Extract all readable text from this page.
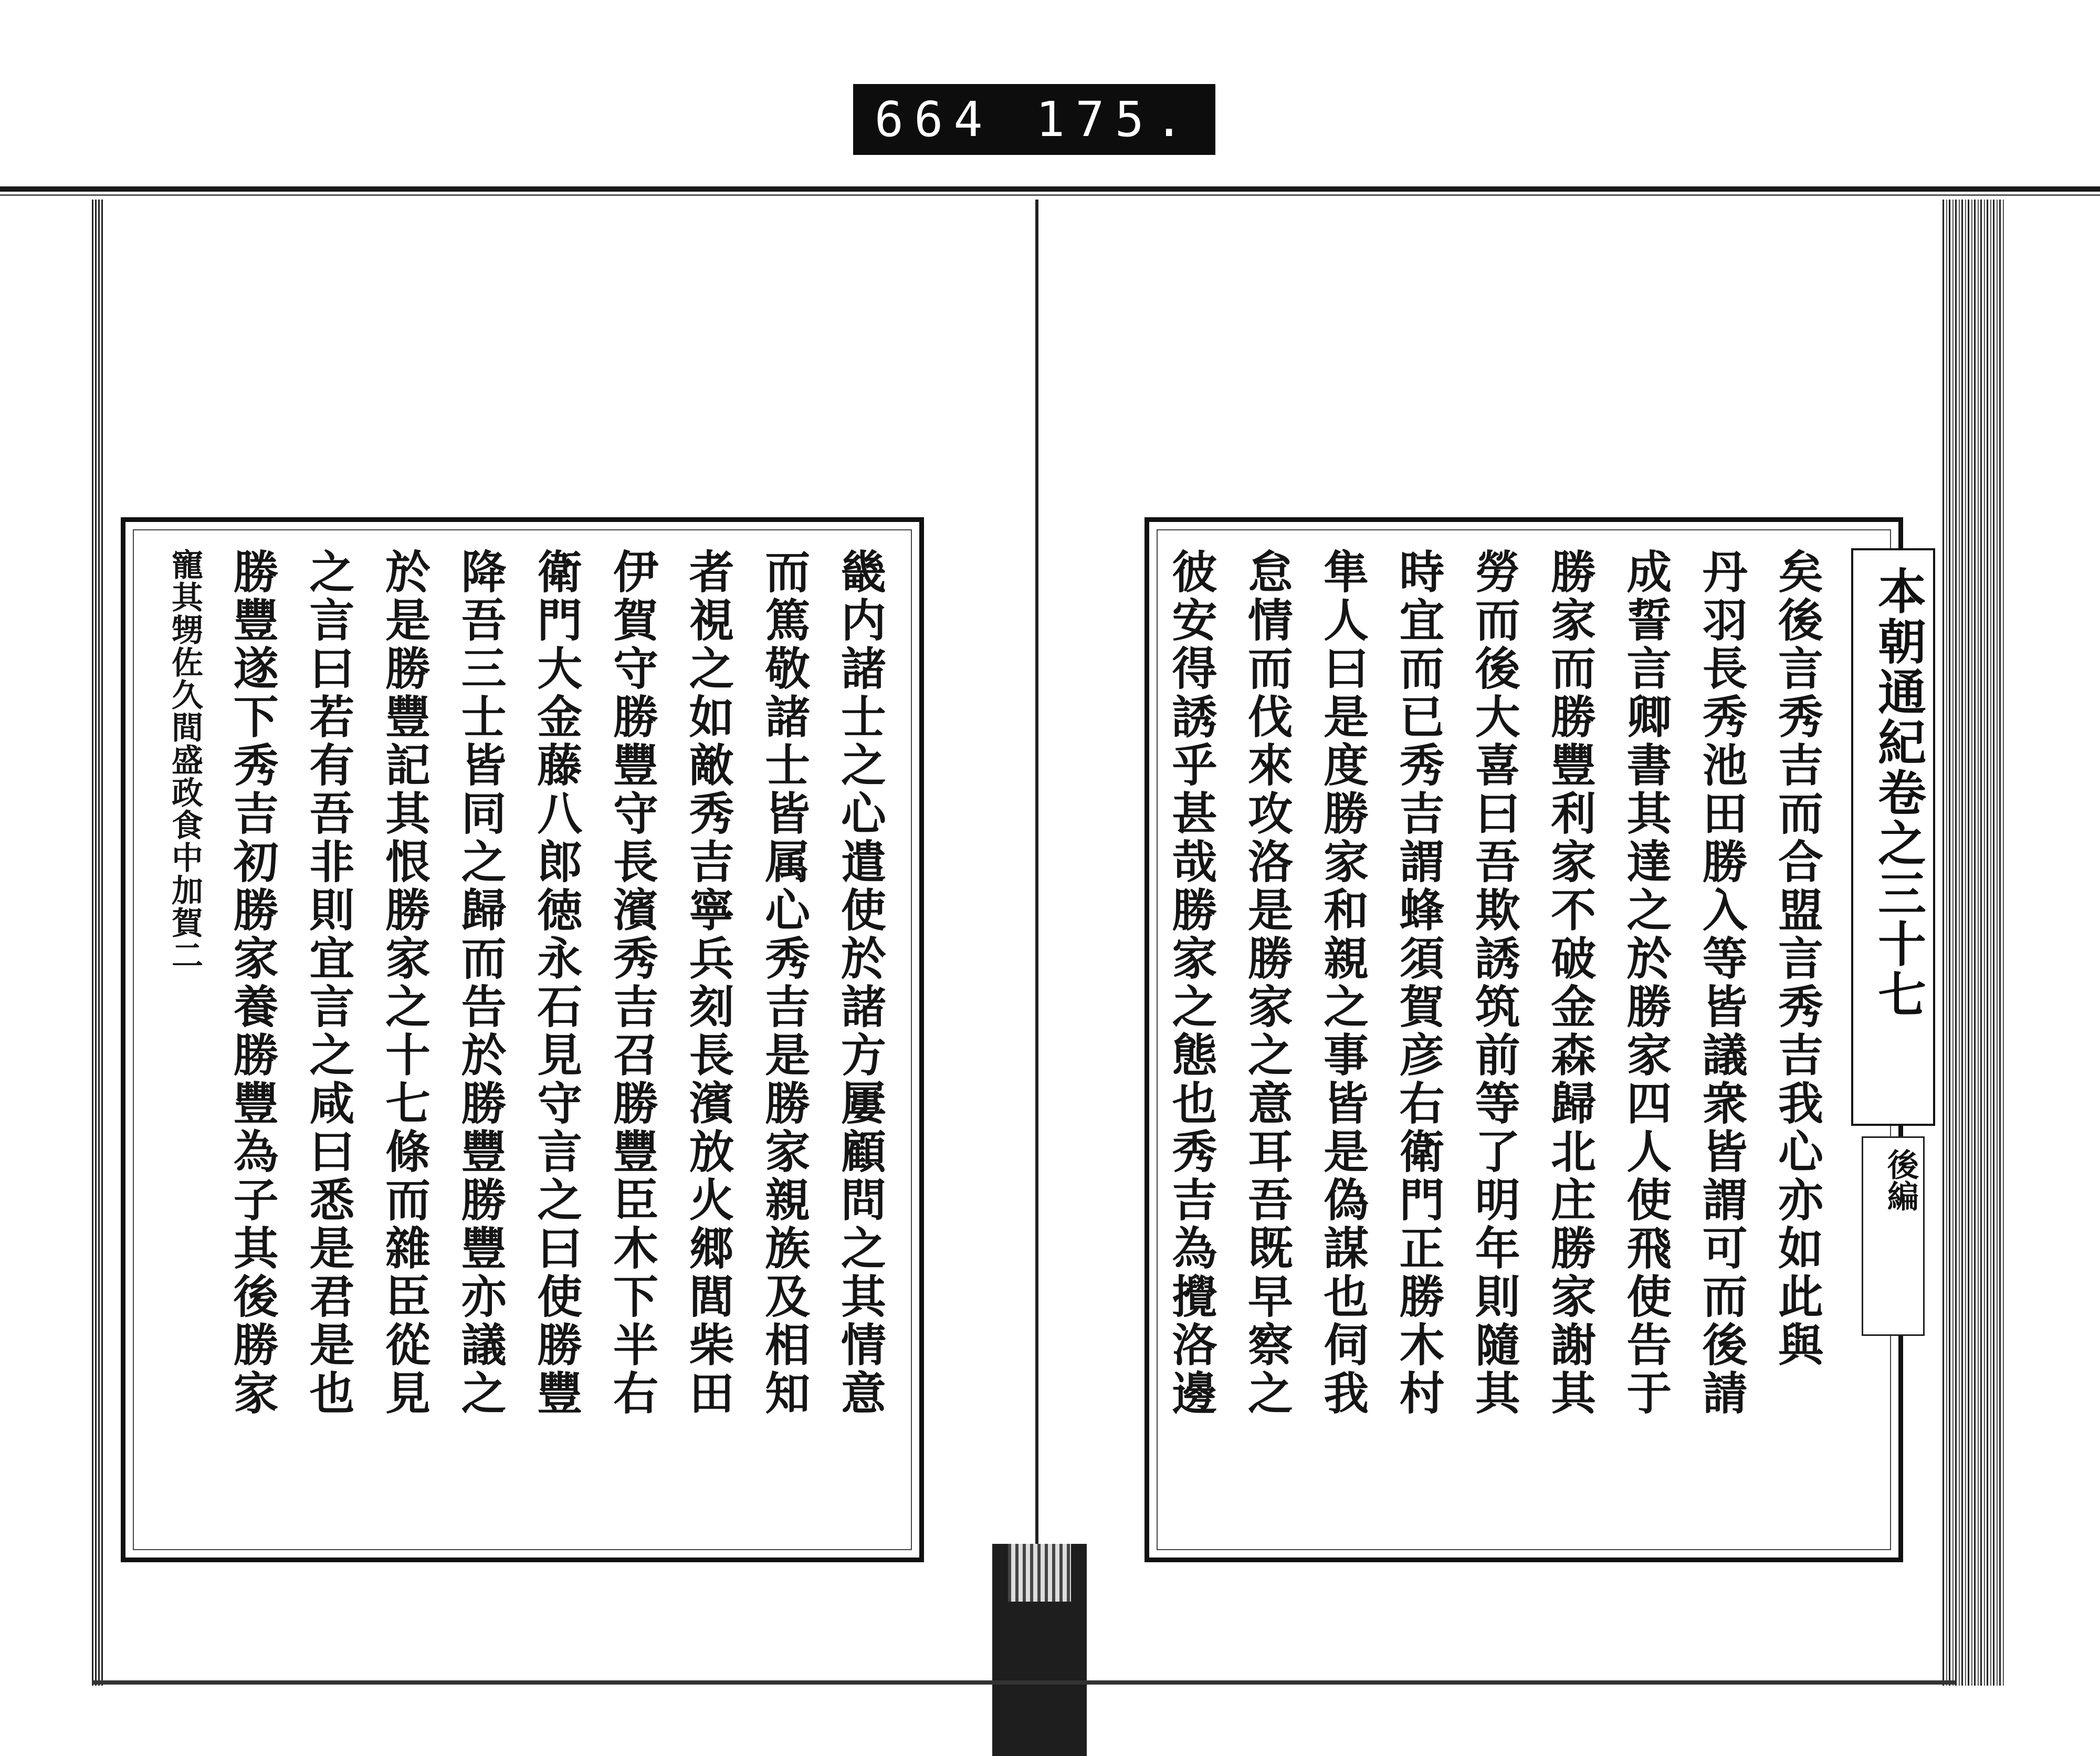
664 175.
畿内諸士之心遣使於諸方屢顧問之其情意
而篤敬諸士皆属心秀吉是勝家親族及相知
者視之如敵秀吉寧兵刻長濱放火郷閭柴田
伊賀守勝豐守長濱秀吉召勝豐臣木下半右
衛門大金藤八郎徳永石見守言之曰使勝豐
降吾三士皆同之歸而告於勝豐勝豐亦議之
於是勝豐記其恨勝家之十七條而雜臣從見
之言曰若有吾非則宜言之咸曰悉是君是也
勝豐遂下秀吉初勝家養勝豐為子其後勝家
寵其甥佐久間盛政食中加賀二	矣後言秀吉而合盟言秀吉我心亦如此與
丹羽長秀池田勝入等皆議衆皆謂可而後請
成誓言卿書其達之於勝家四人使飛使告于
勝家而勝豐利家不破金森歸北庄勝家謝其
勞而後大喜曰吾欺誘筑前等了明年則隨其
時宜而已秀吉謂蜂須賀彦右衛門正勝木村
隼人曰是度勝家和親之事皆是偽謀也伺我
怠情而伐來攻洛是勝家之意耳吾既早察之
彼安得誘乎甚哉勝家之態也秀吉為攪洛邊	本朝通紀卷之三十七
後編
